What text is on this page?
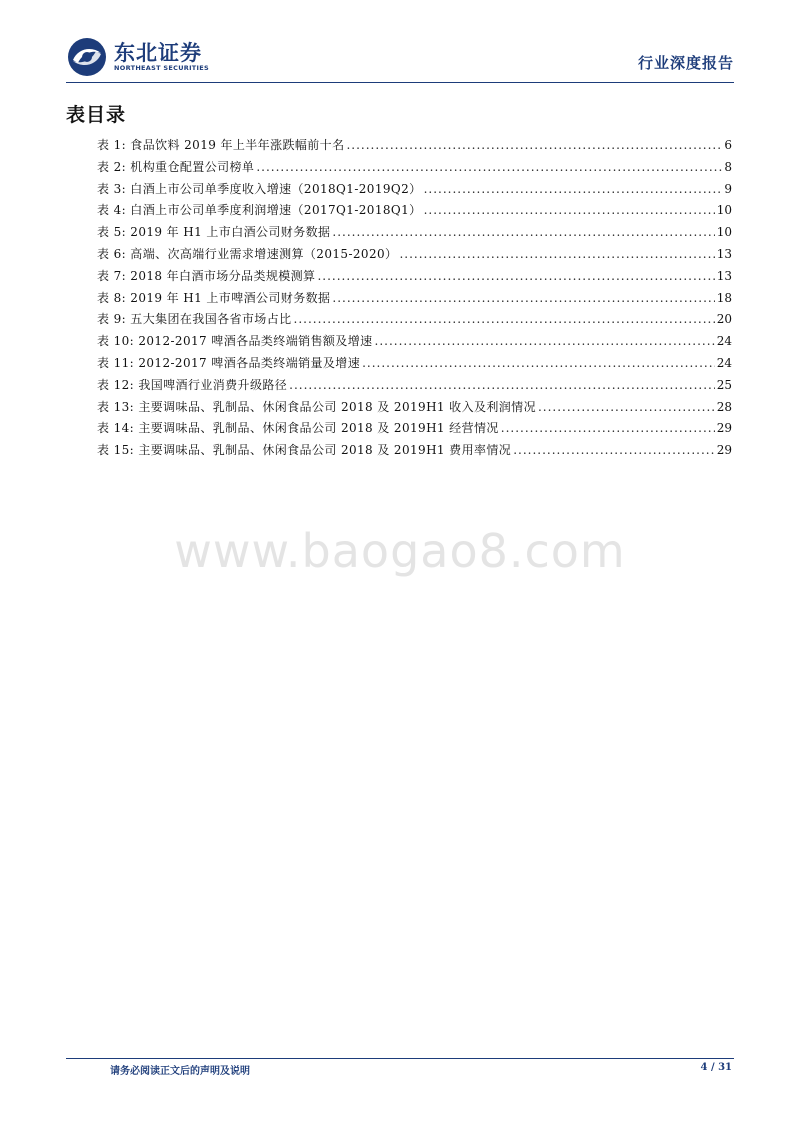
东北证券
NORTHEAST SECURITIES	行业深度报告
表目录
表 1: 食品饮料 2019 年上半年涨跌幅前十名 .....	6
表 2: 机构重仓配置公司榜单 .....	8
表 3: 白酒上市公司单季度收入增速（2018Q1-2019Q2） .....	9
表 4: 白酒上市公司单季度利润增速（2017Q1-2018Q1） .....	10
表 5: 2019 年 H1 上市白酒公司财务数据 .....	10
表 6: 高端、次高端行业需求增速测算（2015-2020） .....	13
表 7: 2018 年白酒市场分品类规模测算 .....	13
表 8: 2019 年 H1 上市啤酒公司财务数据 .....	18
表 9: 五大集团在我国各省市场占比 .....	20
表 10: 2012-2017 啤酒各品类终端销售额及增速 .....	24
表 11: 2012-2017 啤酒各品类终端销量及增速 .....	24
表 12: 我国啤酒行业消费升级路径 .....	25
表 13: 主要调味品、乳制品、休闲食品公司 2018 及 2019H1 收入及利润情况 .....	28
表 14: 主要调味品、乳制品、休闲食品公司 2018 及 2019H1 经营情况 .....	29
表 15: 主要调味品、乳制品、休闲食品公司 2018 及 2019H1 费用率情况 .....	29
www.baogao8.com
请务必阅读正文后的声明及说明	4 / 31
